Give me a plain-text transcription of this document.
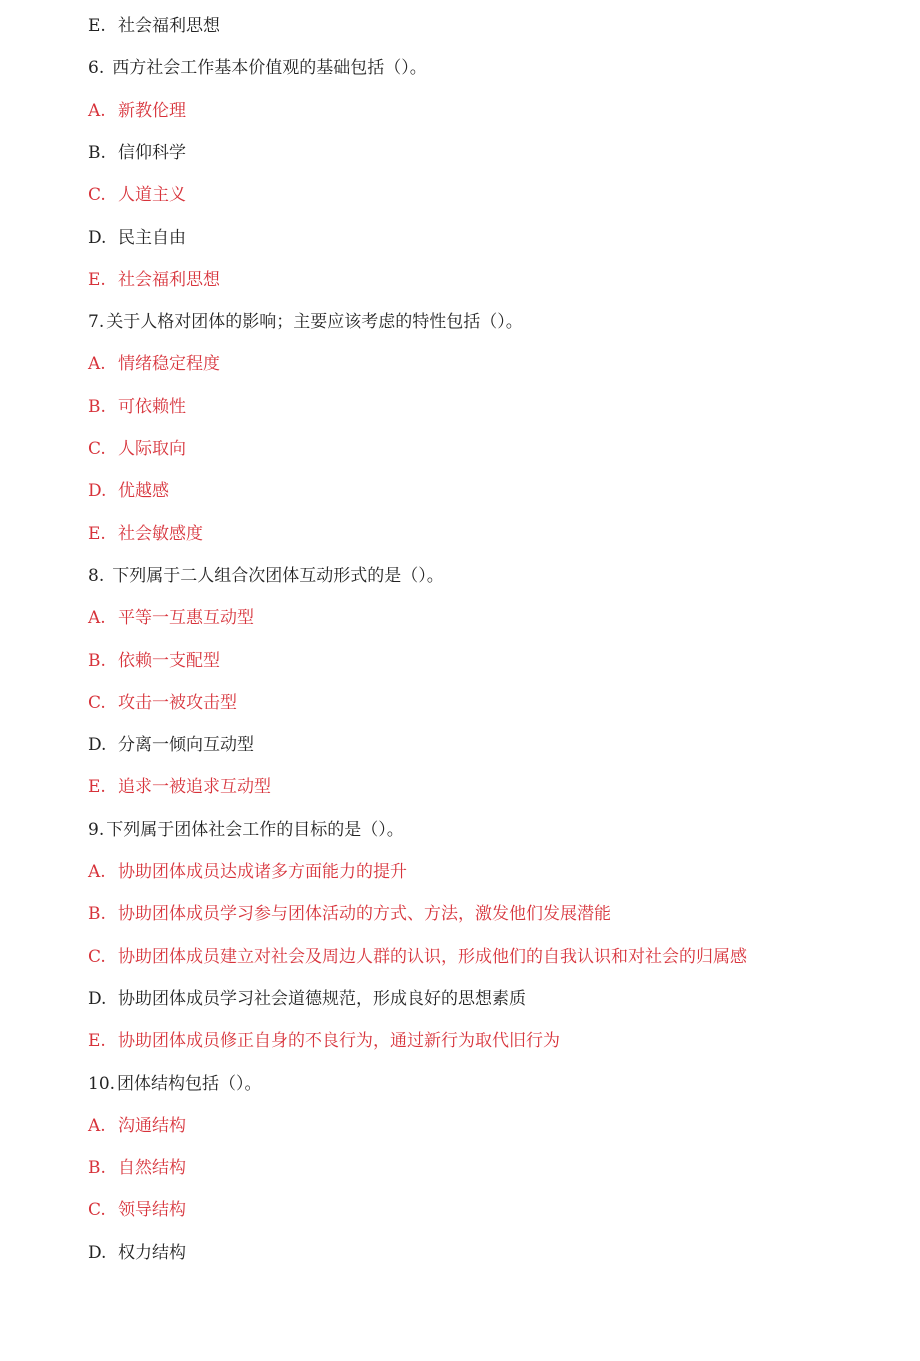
E. 社会福利思想
6. 西方社会工作基本价值观的基础包括（）。
A. 新教伦理
B. 信仰科学
C. 人道主义
D. 民主自由
E. 社会福利思想
7. 关于人格对团体的影响；主要应该考虑的特性包括（）。
A. 情绪稳定程度
B. 可依赖性
C. 人际取向
D. 优越感
E. 社会敏感度
8. 下列属于二人组合次团体互动形式的是（）。
A. 平等一互惠互动型
B. 依赖一支配型
C. 攻击一被攻击型
D. 分离一倾向互动型
E. 追求一被追求互动型
9. 下列属于团体社会工作的目标的是（）。
A. 协助团体成员达成诸多方面能力的提升
B. 协助团体成员学习参与团体活动的方式、方法，激发他们发展潜能
C. 协助团体成员建立对社会及周边人群的认识，形成他们的自我认识和对社会的归属感
D. 协助团体成员学习社会道德规范，形成良好的思想素质
E. 协助团体成员修正自身的不良行为，通过新行为取代旧行为
10. 团体结构包括（）。
A. 沟通结构
B. 自然结构
C. 领导结构
D. 权力结构
